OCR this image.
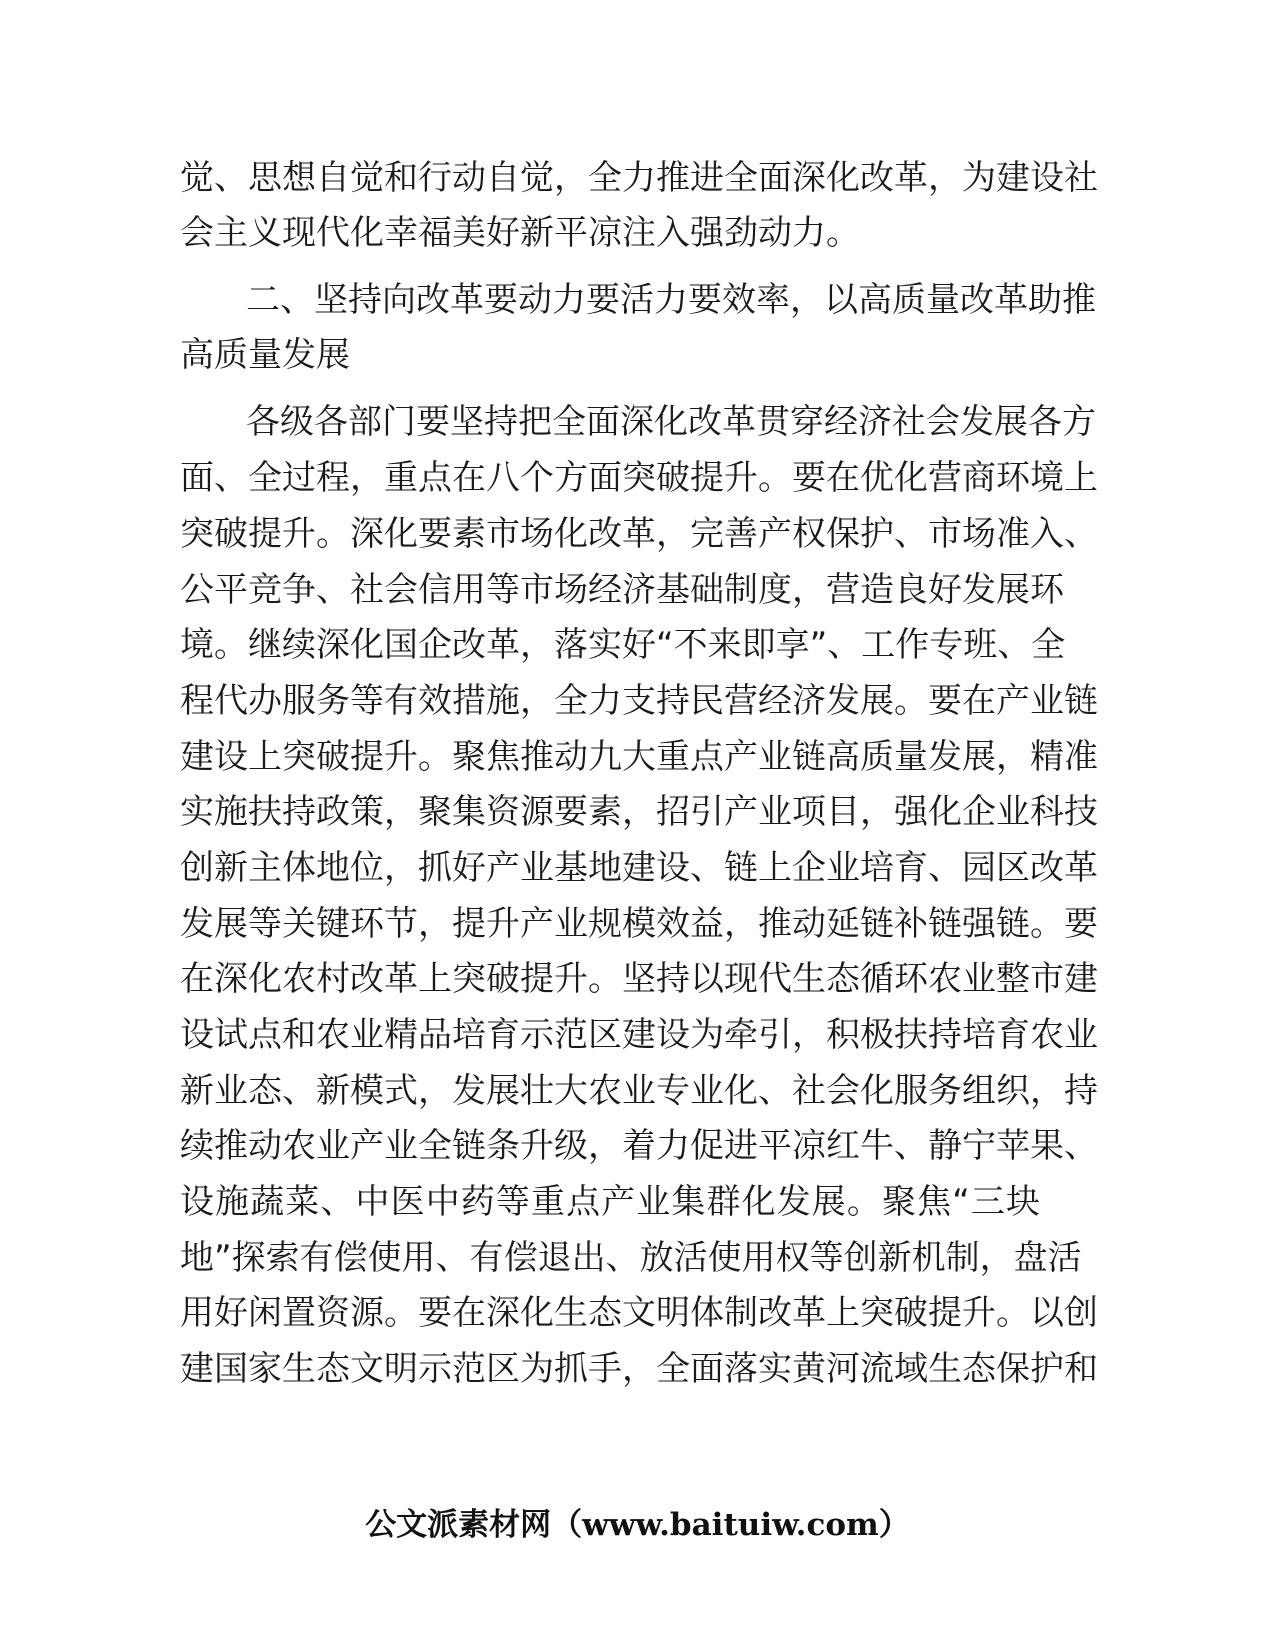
觉、思想自觉和行动自觉，全力推进全面深化改革，为建设社
会主义现代化幸福美好新平凉注入强劲动力。
二、坚持向改革要动力要活力要效率，以高质量改革助推
高质量发展
各级各部门要坚持把全面深化改革贯穿经济社会发展各方
面、全过程，重点在八个方面突破提升。要在优化营商环境上
突破提升。深化要素市场化改革，完善产权保护、市场准入、
公平竞争、社会信用等市场经济基础制度，营造良好发展环
境。继续深化国企改革，落实好“不来即享”、工作专班、全
程代办服务等有效措施，全力支持民营经济发展。要在产业链
建设上突破提升。聚焦推动九大重点产业链高质量发展，精准
实施扶持政策，聚集资源要素，招引产业项目，强化企业科技
创新主体地位，抓好产业基地建设、链上企业培育、园区改革
发展等关键环节，提升产业规模效益，推动延链补链强链。要
在深化农村改革上突破提升。坚持以现代生态循环农业整市建
设试点和农业精品培育示范区建设为牵引，积极扶持培育农业
新业态、新模式，发展壮大农业专业化、社会化服务组织，持
续推动农业产业全链条升级，着力促进平凉红牛、静宁苹果、
设施蔬菜、中医中药等重点产业集群化发展。聚焦“三块
地”探索有偿使用、有偿退出、放活使用权等创新机制，盘活
用好闲置资源。要在深化生态文明体制改革上突破提升。以创
建国家生态文明示范区为抓手，全面落实黄河流域生态保护和
公文派素材网（www.baituiw.com）
